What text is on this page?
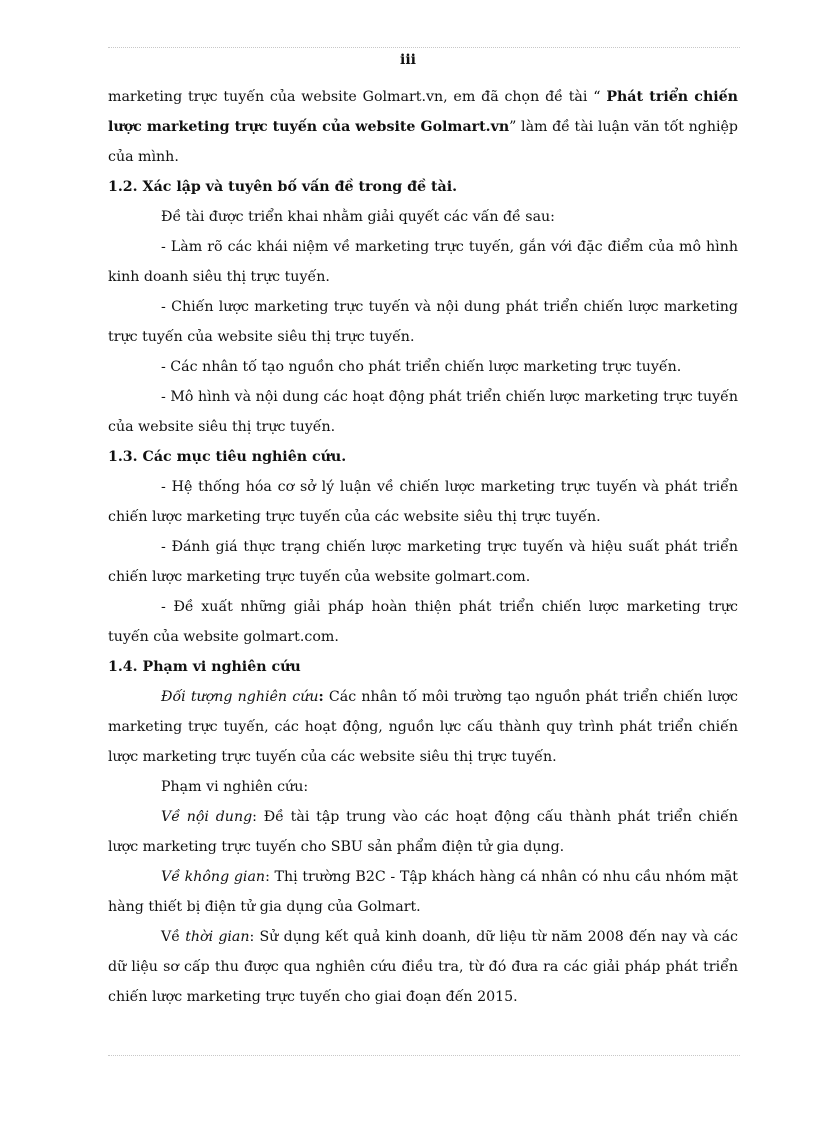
iii

marketing trực tuyến của website Golmart.vn, em đã chọn đề tài “ Phát triển chiến lược marketing trực tuyến của website Golmart.vn” làm đề tài luận văn tốt nghiệp của mình.

1.2. Xác lập và tuyên bố vấn đề trong đề tài.

Đề tài được triển khai nhằm giải quyết các vấn đề sau:

- Làm rõ các khái niệm về marketing trực tuyến, gắn với đặc điểm của mô hình kinh doanh siêu thị trực tuyến.

- Chiến lược marketing trực tuyến và nội dung phát triển chiến lược marketing trực tuyến của website siêu thị trực tuyến.

- Các nhân tố tạo nguồn cho phát triển chiến lược marketing trực tuyến.

- Mô hình và nội dung các hoạt động phát triển chiến lược marketing trực tuyến của website siêu thị trực tuyến.

1.3. Các mục tiêu nghiên cứu.

- Hệ thống hóa cơ sở lý luận về chiến lược marketing trực tuyến và phát triển chiến lược marketing trực tuyến của các website siêu thị trực tuyến.

- Đánh giá thực trạng chiến lược marketing trực tuyến và hiệu suất phát triển chiến lược marketing trực tuyến của website golmart.com.

- Đề xuất những giải pháp hoàn thiện phát triển chiến lược marketing trực tuyến của website golmart.com.

1.4. Phạm vi nghiên cứu

Đối tượng nghiên cứu: Các nhân tố môi trường tạo nguồn phát triển chiến lược marketing trực tuyến, các hoạt động, nguồn lực cấu thành quy trình phát triển chiến lược marketing trực tuyến của các website siêu thị trực tuyến.

Phạm vi nghiên cứu:

Về nội dung: Đề tài tập trung vào các hoạt động cấu thành phát triển chiến lược marketing trực tuyến cho SBU sản phẩm điện tử gia dụng.

Về không gian: Thị trường B2C - Tập khách hàng cá nhân có nhu cầu nhóm mặt hàng thiết bị điện tử gia dụng của Golmart.

Về thời gian: Sử dụng kết quả kinh doanh, dữ liệu từ năm 2008 đến nay và các dữ liệu sơ cấp thu được qua nghiên cứu điều tra, từ đó đưa ra các giải pháp phát triển chiến lược marketing trực tuyến cho giai đoạn đến 2015.
